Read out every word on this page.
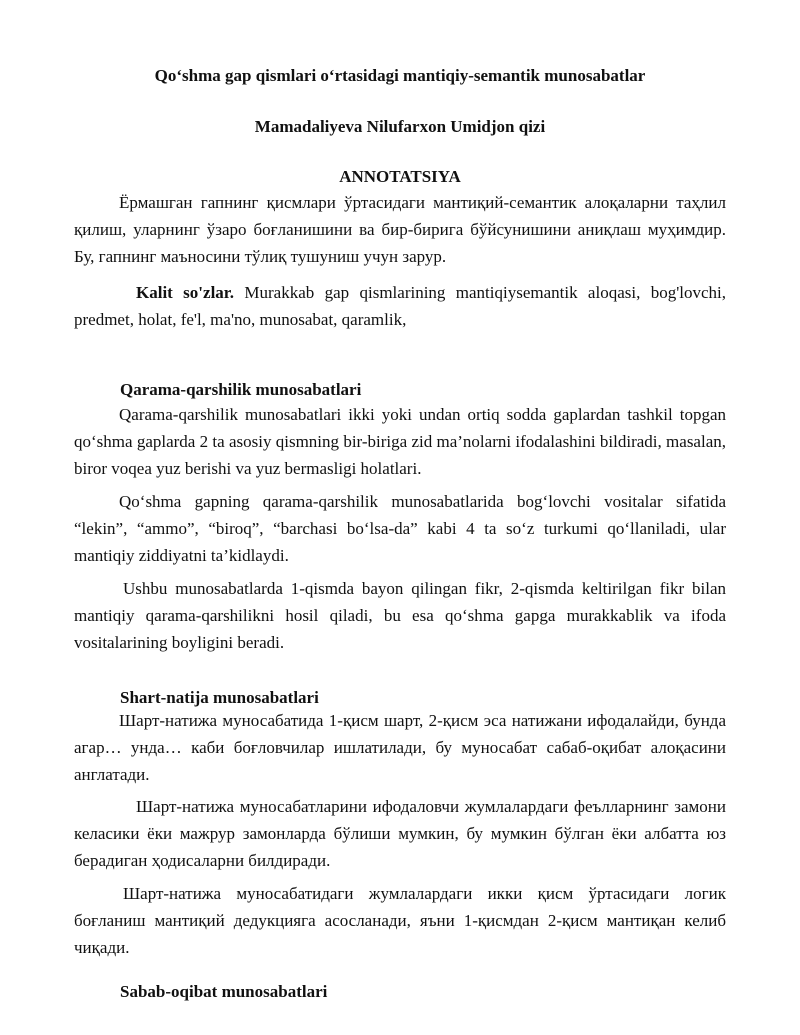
Qo‘shma gap qismlari o‘rtasidagi mantiqiy-semantik munosabatlar

Mamadaliyeva Nilufarxon Umidjon qizi

ANNOTATSIYA

Ёрмашган гапнинг қисмлари ўртасидаги мантиқий-семантик алоқаларни таҳлил қилиш, уларнинг ўзаро боғланишини ва бир-бирига бўйсунишини аниқлаш муҳимдир. Бу, гапнинг маъносини тўлиқ тушуниш учун зарур.

Kalit so'zlar. Murakkab gap qismlarining mantiqiysemantik aloqasi, bog'lovchi, predmet, holat, fe'l, ma'no, munosabat, qaramlik,

Qarama-qarshilik munosabatlari

Qarama-qarshilik munosabatlari ikki yoki undan ortiq sodda gaplardan tashkil topgan qo‘shma gaplarda 2 ta asosiy qismning bir-biriga zid ma’nolarni ifodalashini bildiradi, masalan, biror voqea yuz berishi va yuz bermasligi holatlari.

Qo‘shma gapning qarama-qarshilik munosabatlarida bog‘lovchi vositalar sifatida “lekin”, “ammo”, “biroq”, “barchasi bo‘lsa-da” kabi 4 ta so‘z turkumi qo‘llaniladi, ular mantiqiy ziddiyatni ta’kidlaydi.

Ushbu munosabatlarda 1-qismda bayon qilingan fikr, 2-qismda keltirilgan fikr bilan mantiqiy qarama-qarshilikni hosil qiladi, bu esa qo‘shma gapga murakkablik va ifoda vositalarining boyligini beradi.

Shart-natija munosabatlari

Шарт-натижа муносабатида 1-қисм шарт, 2-қисм эса натижани ифодалайди, бунда агар… унда… каби боғловчилар ишлатилади, бу муносабат сабаб-оқибат алоқасини англатади.

Шарт-натижа муносабатларини ифодаловчи жумлалардаги феълларнинг замони келасики ёки мажрур замонларда бўлиши мумкин, бу мумкин бўлган ёки албатта юз берадиган ҳодисаларни билдиради.

Шарт-натижа муносабатидаги жумлалардаги икки қисм ўртасидаги логик боғланиш мантиқий дедукцияга асосланади, яъни 1-қисмдан 2-қисм мантиқан келиб чиқади.

Sabab-oqibat munosabatlari
